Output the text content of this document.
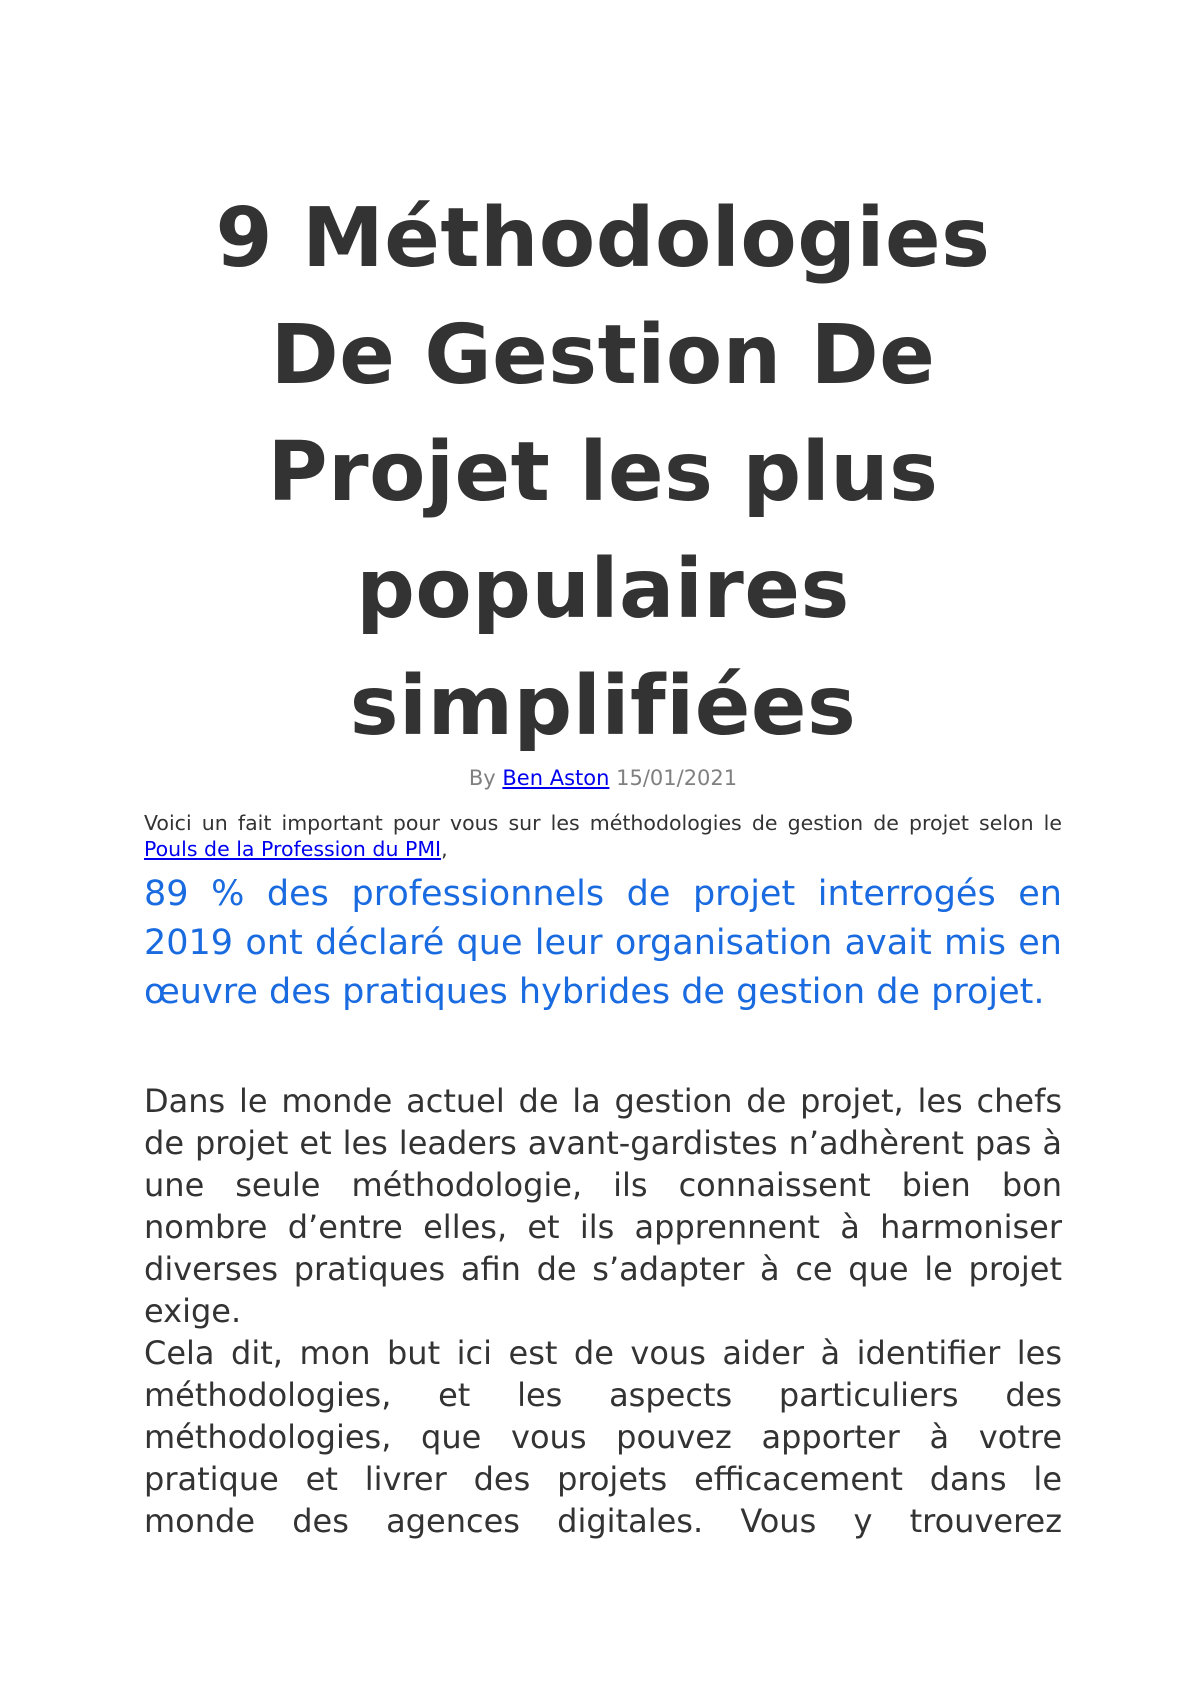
9 Méthodologies De Gestion De Projet les plus populaires simplifiées
By Ben Aston 15/01/2021
Voici un fait important pour vous sur les méthodologies de gestion de projet selon le Pouls de la Profession du PMI,

89 % des professionnels de projet interrogés en 2019 ont déclaré que leur organisation avait mis en œuvre des pratiques hybrides de gestion de projet.

Dans le monde actuel de la gestion de projet, les chefs de projet et les leaders avant-gardistes n’adhèrent pas à une seule méthodologie, ils connaissent bien bon nombre d’entre elles, et ils apprennent à harmoniser diverses pratiques afin de s’adapter à ce que le projet exige.

Cela dit, mon but ici est de vous aider à identifier les méthodologies, et les aspects particuliers des méthodologies, que vous pouvez apporter à votre pratique et livrer des projets efficacement dans le monde des agences digitales. Vous y trouverez
